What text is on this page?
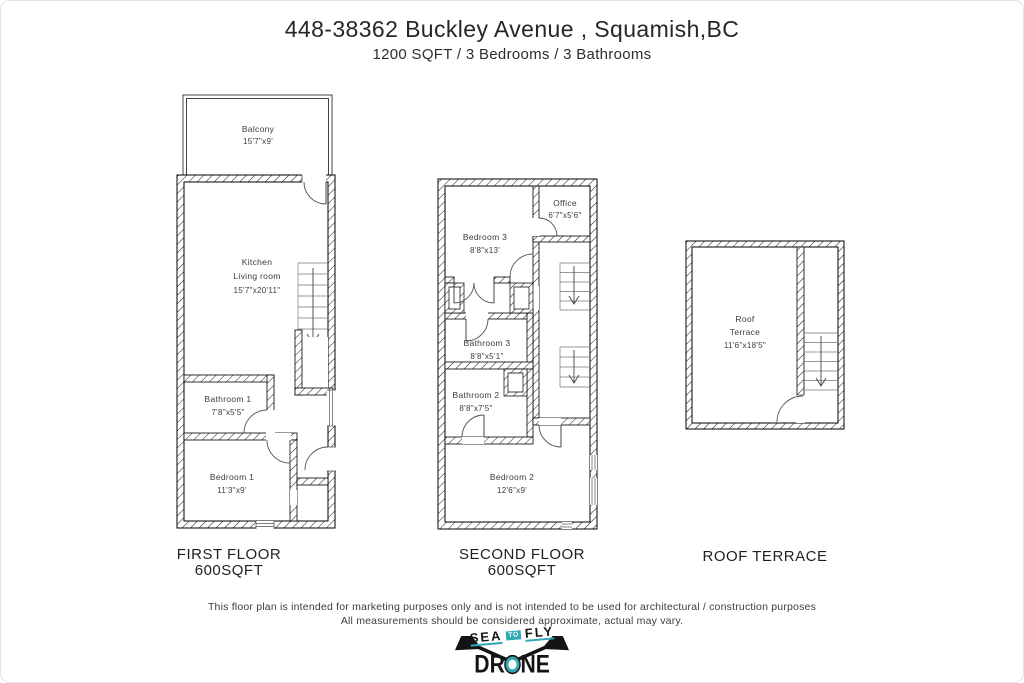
448-38362 Buckley Avenue , Squamish,BC
1200 SQFT / 3 Bedrooms / 3 Bathrooms
Balcony
15'7"x9'
Kitchen
Living room
15'7"x20'11"
Bathroom 1
7'8"x5'5"
Bedroom 1
11'3"x9'
Bedroom 3
8'8"x13'
Office
6'7"x5'6"
Bathroom 3
8'8"x5'1"
Bathroom 2
8'8"x7'5"
Bedroom 2
12'6"x9'
Roof
Terrace
11'6"x18'5"
FIRST FLOOR
600SQFT
SECOND FLOOR
600SQFT
ROOF TERRACE
This floor plan is intended for marketing purposes only and is not intended to be used for architectural / construction purposes
All measurements should be considered approximate, actual may vary.
SEA TO FLY
DR NE
